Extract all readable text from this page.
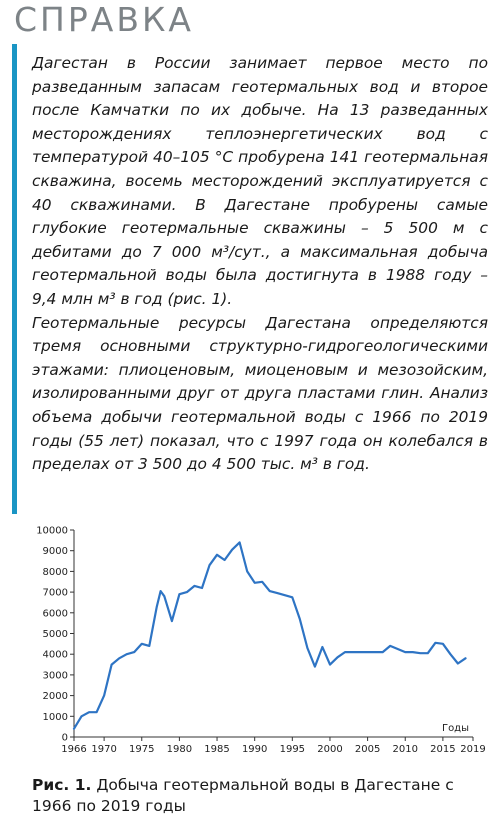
СПРАВКА

Дагестан в России занимает первое место по разведанным запасам геотермальных вод и второе после Камчатки по их добыче. На 13 разведанных месторождениях теплоэнергетических вод с температурой 40–105 °С пробурена 141 геотермальная скважина, восемь месторождений эксплуатируется с 40 скважинами. В Дагестане пробурены самые глубокие геотермальные скважины – 5 500 м с дебитами до 7 000 м³/сут., а максимальная добыча геотермальной воды была достигнута в 1988 году – 9,4 млн м³ в год (рис. 1).

Геотермальные ресурсы Дагестана определяются тремя основными структурно-гидрогеологическими этажами: плиоценовым, миоценовым и мезозойским, изолированными друг от друга пластами глин. Анализ объема добычи геотермальной воды с 1966 по 2019 годы (55 лет) показал, что с 1997 года он колебался в пределах от 3 500 до 4 500 тыс. м³ в год.

0
1000
2000
3000
4000
5000
6000
7000
8000
9000
10000
1966 1970 1975 1980 1985 1990 1995 2000 2005 2010 2015 2019
Годы
Рис. 1. Добыча геотермальной воды в Дагестане с 1966 по 2019 годы
